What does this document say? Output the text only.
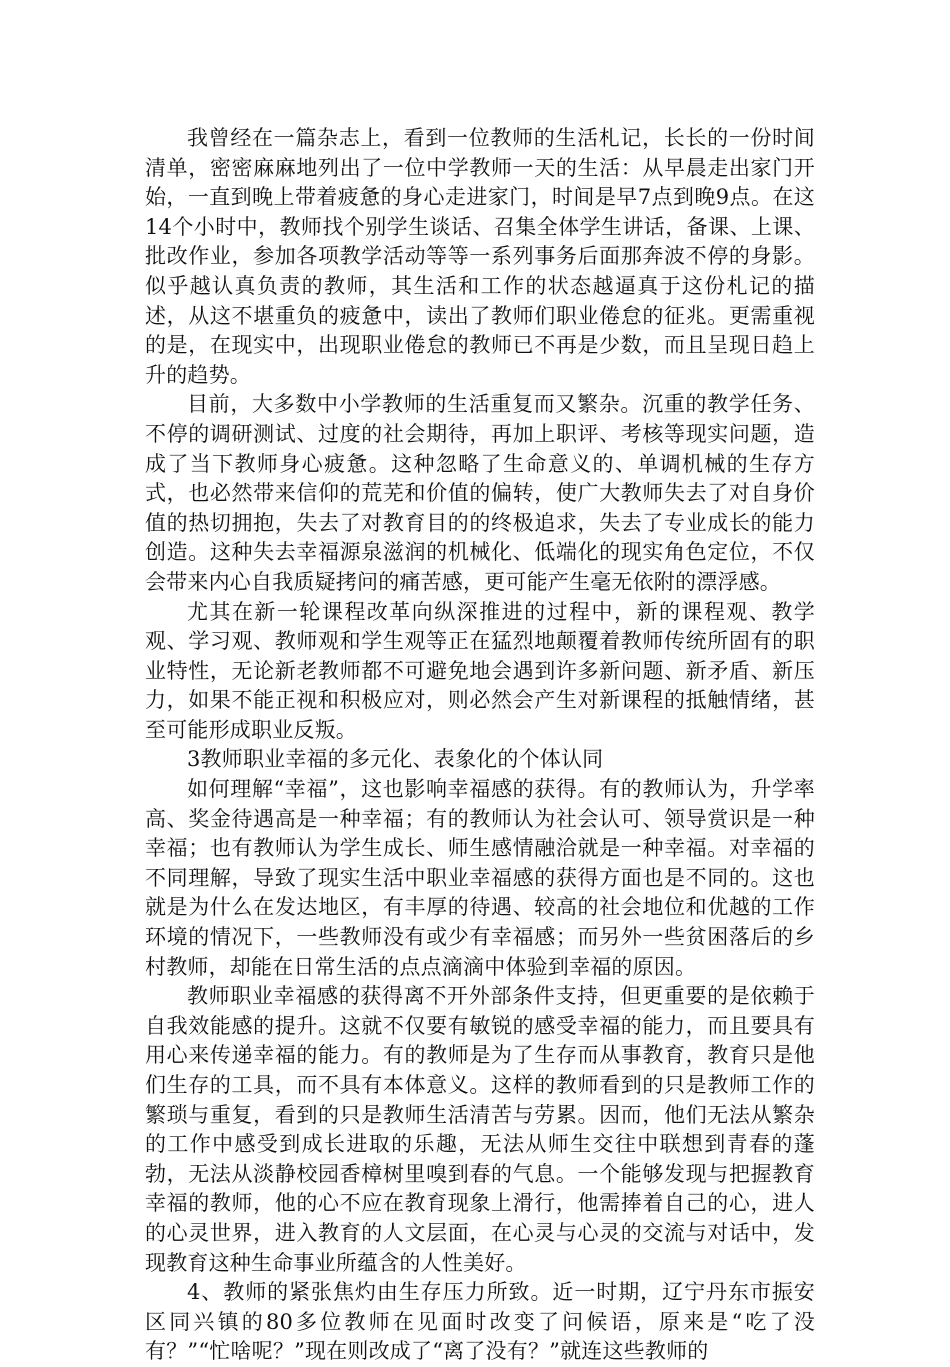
我曾经在一篇杂志上，看到一位教师的生活札记，长长的一份时间清单，密密麻麻地列出了一位中学教师一天的生活：从早晨走出家门开始，一直到晚上带着疲惫的身心走进家门，时间是早7点到晚9点。在这14个小时中，教师找个别学生谈话、召集全体学生讲话，备课、上课、批改作业，参加各项教学活动等等一系列事务后面那奔波不停的身影。似乎越认真负责的教师，其生活和工作的状态越逼真于这份札记的描述，从这不堪重负的疲惫中，读出了教师们职业倦怠的征兆。更需重视的是，在现实中，出现职业倦怠的教师已不再是少数，而且呈现日趋上升的趋势。

目前，大多数中小学教师的生活重复而又繁杂。沉重的教学任务、不停的调研测试、过度的社会期待，再加上职评、考核等现实问题，造成了当下教师身心疲惫。这种忽略了生命意义的、单调机械的生存方式，也必然带来信仰的荒芜和价值的偏转，使广大教师失去了对自身价值的热切拥抱，失去了对教育目的的终极追求，失去了专业成长的能力创造。这种失去幸福源泉滋润的机械化、低端化的现实角色定位，不仅会带来内心自我质疑拷问的痛苦感，更可能产生毫无依附的漂浮感。

尤其在新一轮课程改革向纵深推进的过程中，新的课程观、教学观、学习观、教师观和学生观等正在猛烈地颠覆着教师传统所固有的职业特性，无论新老教师都不可避免地会遇到许多新问题、新矛盾、新压力，如果不能正视和积极应对，则必然会产生对新课程的抵触情绪，甚至可能形成职业反叛。

3教师职业幸福的多元化、表象化的个体认同

如何理解“幸福”，这也影响幸福感的获得。有的教师认为，升学率高、奖金待遇高是一种幸福；有的教师认为社会认可、领导赏识是一种幸福；也有教师认为学生成长、师生感情融洽就是一种幸福。对幸福的不同理解，导致了现实生活中职业幸福感的获得方面也是不同的。这也就是为什么在发达地区，有丰厚的待遇、较高的社会地位和优越的工作环境的情况下，一些教师没有或少有幸福感；而另外一些贫困落后的乡村教师，却能在日常生活的点点滴滴中体验到幸福的原因。

教师职业幸福感的获得离不开外部条件支持，但更重要的是依赖于自我效能感的提升。这就不仅要有敏锐的感受幸福的能力，而且要具有用心来传递幸福的能力。有的教师是为了生存而从事教育，教育只是他们生存的工具，而不具有本体意义。这样的教师看到的只是教师工作的繁琐与重复，看到的只是教师生活清苦与劳累。因而，他们无法从繁杂的工作中感受到成长进取的乐趣，无法从师生交往中联想到青春的蓬勃，无法从淡静校园香樟树里嗅到春的气息。一个能够发现与把握教育幸福的教师，他的心不应在教育现象上滑行，他需捧着自己的心，进人的心灵世界，进入教育的人文层面，在心灵与心灵的交流与对话中，发现教育这种生命事业所蕴含的人性美好。

4、教师的紧张焦灼由生存压力所致。近一时期，辽宁丹东市振安区同兴镇的80多位教师在见面时改变了问候语，原来是“吃了没有？”“忙啥呢？”现在则改成了“离了没有？”就连这些教师的
